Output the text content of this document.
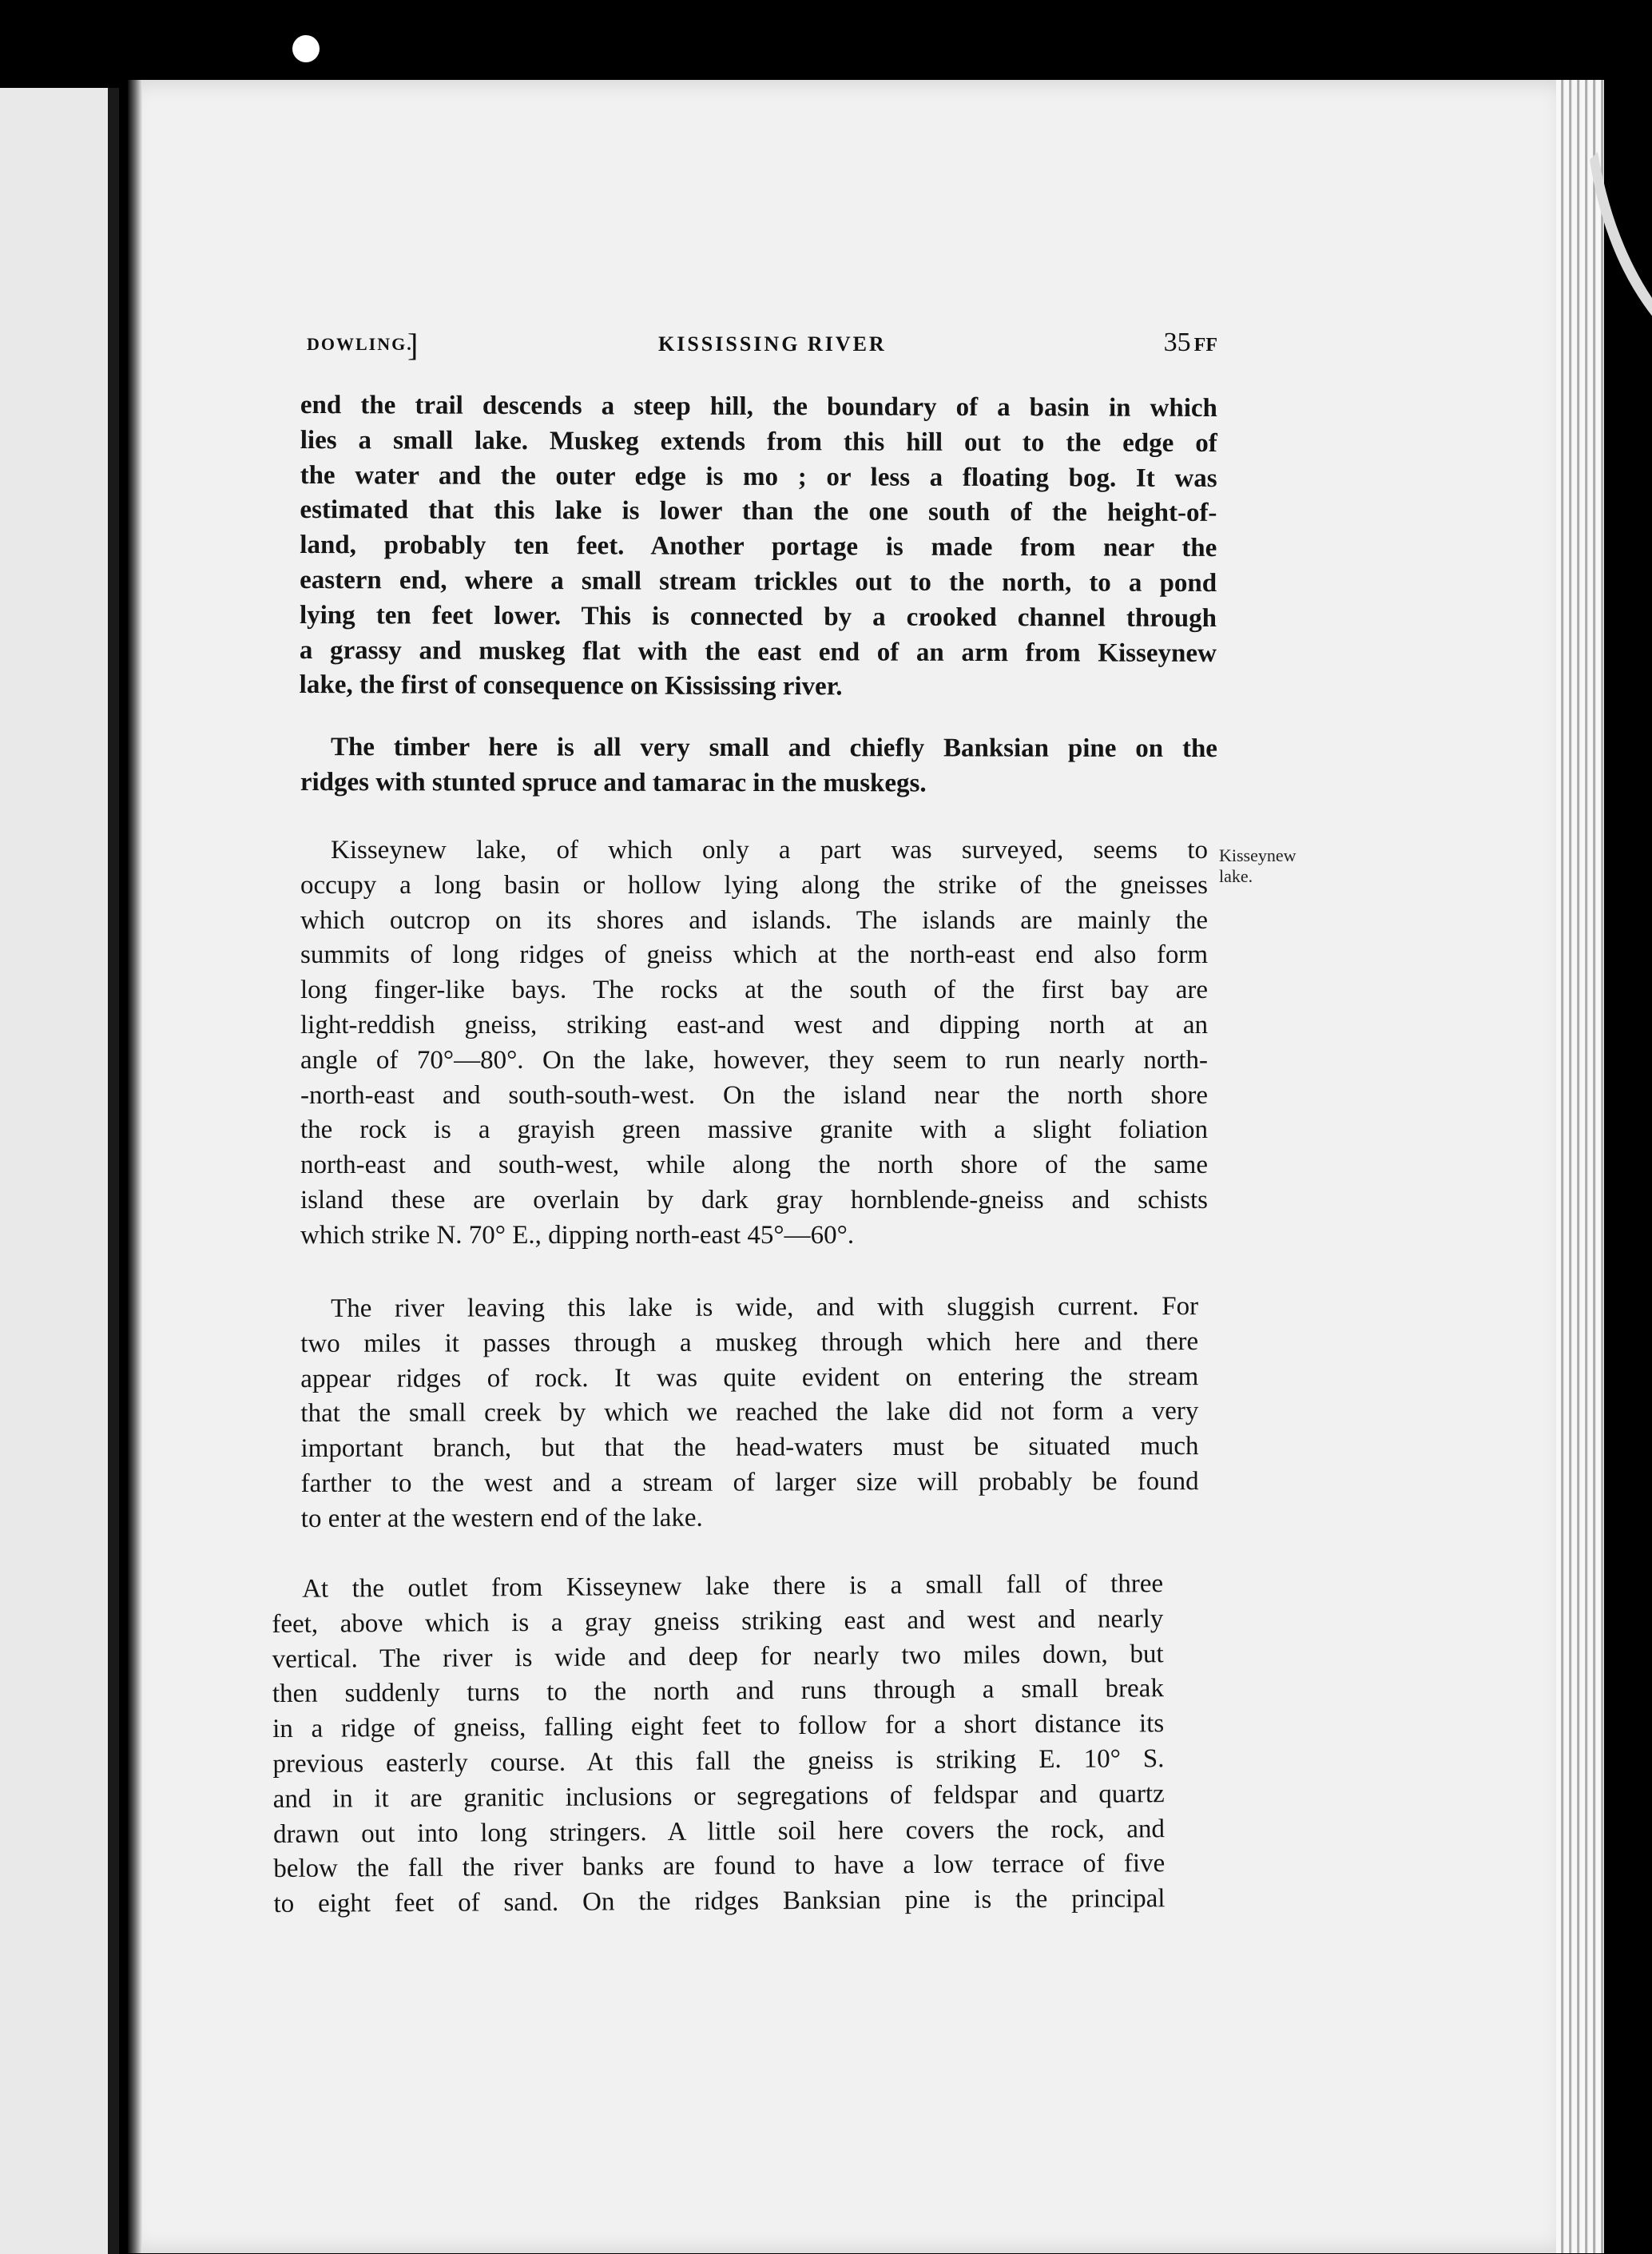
DOWLING.
]	KISSISSING RIVER	35 FF
end the trail descends a steep hill, the boundary of a basin in which
lies a small lake. Muskeg extends from this hill out to the edge of
the water and the outer edge is mo ; or less a floating bog. It was
estimated that this lake is lower than the one south of the height-of-
land, probably ten feet. Another portage is made from near the
eastern end, where a small stream trickles out to the north, to a pond
lying ten feet lower. This is connected by a crooked channel through
a grassy and muskeg flat with the east end of an arm from Kisseynew
lake, the first of consequence on Kississing river.
The timber here is all very small and chiefly Banksian pine on the
ridges with stunted spruce and tamarac in the muskegs.
Kisseynew lake, of which only a part was surveyed, seems to
occupy a long basin or hollow lying along the strike of the gneisses
which outcrop on its shores and islands. The islands are mainly the
summits of long ridges of gneiss which at the north-east end also form
long finger-like bays. The rocks at the south of the first bay are
light-reddish gneiss, striking east-and west and dipping north at an
angle of 70°—80°. On the lake, however, they seem to run nearly north-
-north-east and south-south-west. On the island near the north shore
the rock is a grayish green massive granite with a slight foliation
north-east and south-west, while along the north shore of the same
island these are overlain by dark gray hornblende-gneiss and schists
which strike N. 70° E., dipping north-east 45°—60°.
Kisseynew
lake.
The river leaving this lake is wide, and with sluggish current. For
two miles it passes through a muskeg through which here and there
appear ridges of rock. It was quite evident on entering the stream
that the small creek by which we reached the lake did not form a very
important branch, but that the head-waters must be situated much
farther to the west and a stream of larger size will probably be found
to enter at the western end of the lake.
At the outlet from Kisseynew lake there is a small fall of three
feet, above which is a gray gneiss striking east and west and nearly
vertical. The river is wide and deep for nearly two miles down, but
then suddenly turns to the north and runs through a small break
in a ridge of gneiss, falling eight feet to follow for a short distance its
previous easterly course. At this fall the gneiss is striking E. 10° S.
and in it are granitic inclusions or segregations of feldspar and quartz
drawn out into long stringers. A little soil here covers the rock, and
below the fall the river banks are found to have a low terrace of five
to eight feet of sand. On the ridges Banksian pine is the principal
